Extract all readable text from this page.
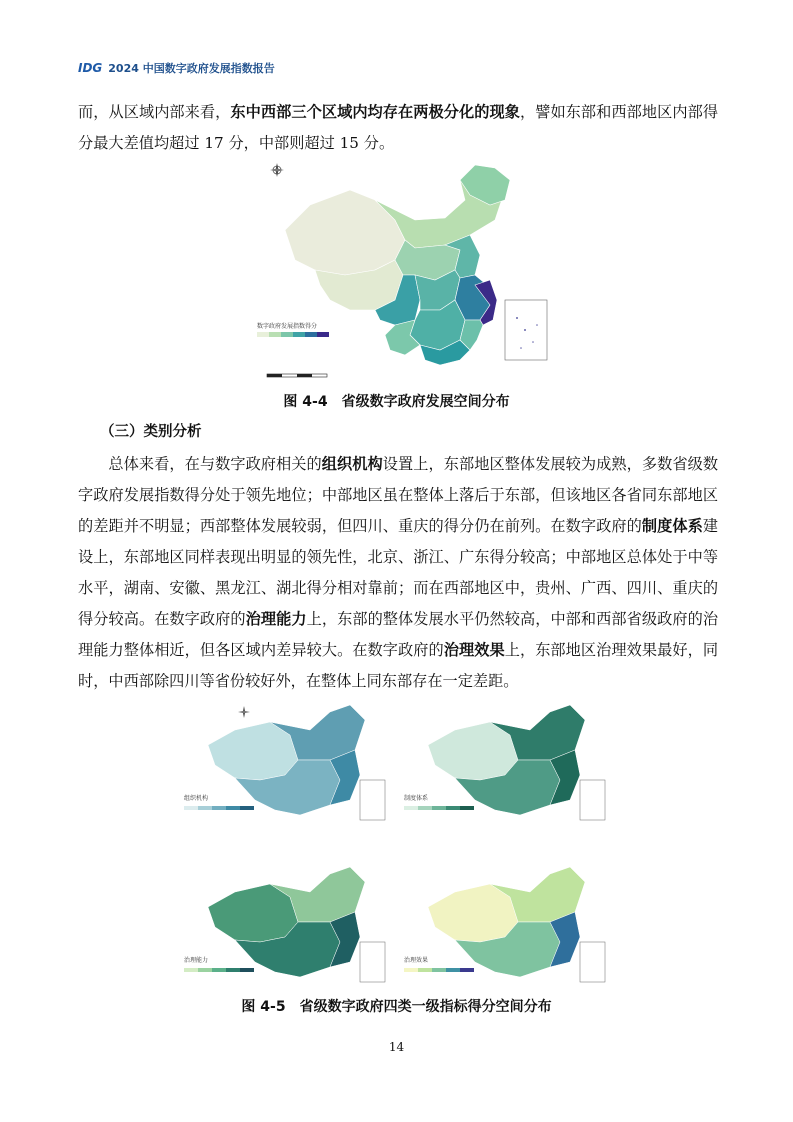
IDG 2024 中国数字政府发展指数报告
而，从区域内部来看，东中西部三个区域内均存在两极分化的现象，譬如东部和西部地区内部得分最大差值均超过 17 分，中部则超过 15 分。
数字政府发展指数得分
图 4-4　省级数字政府发展空间分布
（三）类别分析
总体来看，在与数字政府相关的组织机构设置上，东部地区整体发展较为成熟，多数省级数字政府发展指数得分处于领先地位；中部地区虽在整体上落后于东部，但该地区各省同东部地区的差距并不明显；西部整体发展较弱，但四川、重庆的得分仍在前列。在数字政府的制度体系建设上，东部地区同样表现出明显的领先性，北京、浙江、广东得分较高；中部地区总体处于中等水平，湖南、安徽、黑龙江、湖北得分相对靠前；而在西部地区中，贵州、广西、四川、重庆的得分较高。在数字政府的治理能力上，东部的整体发展水平仍然较高，中部和西部省级政府的治理能力整体相近，但各区域内差异较大。在数字政府的治理效果上，东部地区治理效果最好，同时，中西部除四川等省份较好外，在整体上同东部存在一定差距。
组织机构	制度体系
治理能力	治理效果
图 4-5　省级数字政府四类一级指标得分空间分布
14
